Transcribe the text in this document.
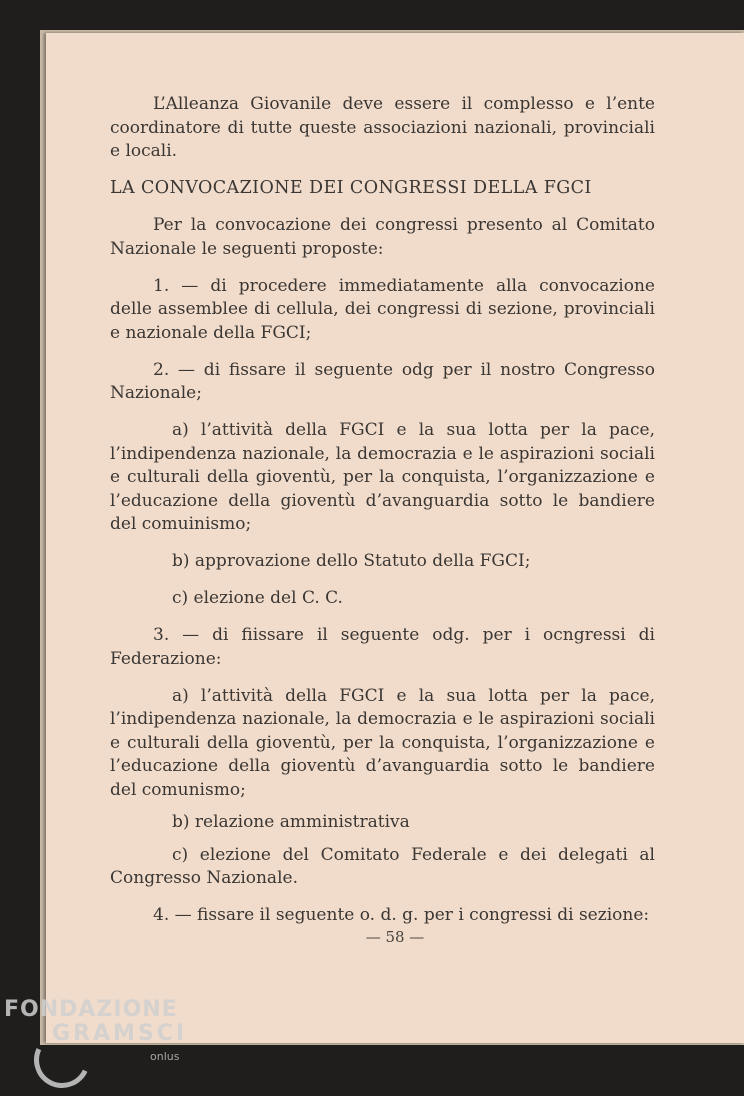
— 58 —

L’Alleanza Giovanile deve essere il complesso e l’ente coordinatore di tutte queste associazioni nazionali, provinciali e locali.

LA CONVOCAZIONE DEI CONGRESSI DELLA FGCI

Per la convocazione dei congressi presento al Comitato Nazionale le seguenti proposte:

1. — di procedere immediatamente alla convocazione delle assemblee di cellula, dei congressi di sezione, provinciali e nazionale della FGCI;

2. — di fissare il seguente odg per il nostro Congresso Nazionale;

a) l’attività della FGCI e la sua lotta per la pace, l’indipendenza nazionale, la democrazia e le aspirazioni sociali e culturali della gioventù, per la conquista, l’organizzazione e l’educazione della gioventù d’avanguardia sotto le bandiere del comuinismo;

b) approvazione dello Statuto della FGCI;

c) elezione del C. C.

3. — di fiissare il seguente odg. per i ocngressi di Federazione:

a) l’attività della FGCI e la sua lotta per la pace, l’indipendenza nazionale, la democrazia e le aspirazioni sociali e culturali della gioventù, per la conquista, l’organizzazione e l’educazione della gioventù d’avanguardia sotto le bandiere del comunismo;

b) relazione amministrativa

c) elezione del Comitato Federale e dei delegati al Congresso Nazionale.

4. — fissare il seguente o. d. g. per i congressi di sezione:

FONDAZIONE
GRAMSCI
onlus
